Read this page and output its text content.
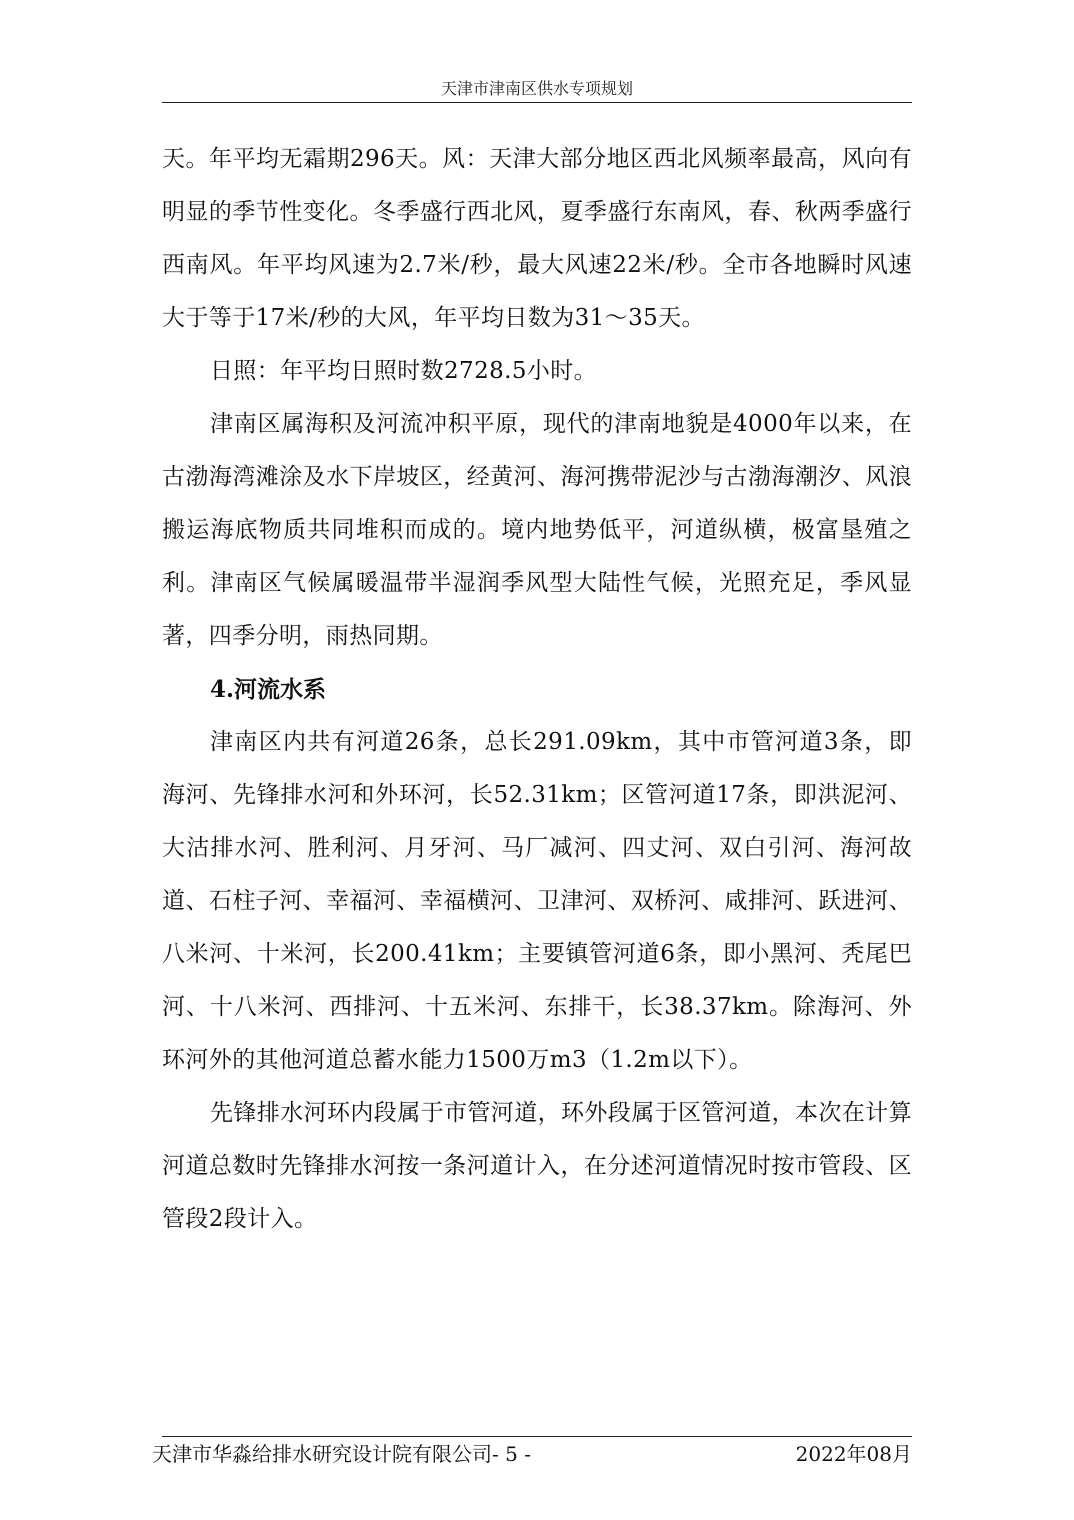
天津市津南区供水专项规划

天。年平均无霜期296天。风：天津大部分地区西北风频率最高，风向有明显的季节性变化。冬季盛行西北风，夏季盛行东南风，春、秋两季盛行西南风。年平均风速为2.7米/秒，最大风速22米/秒。全市各地瞬时风速大于等于17米/秒的大风，年平均日数为31～35天。

日照：年平均日照时数2728.5小时。

津南区属海积及河流冲积平原，现代的津南地貌是4000年以来，在古渤海湾滩涂及水下岸坡区，经黄河、海河携带泥沙与古渤海潮汐、风浪搬运海底物质共同堆积而成的。境内地势低平，河道纵横，极富垦殖之利。津南区气候属暖温带半湿润季风型大陆性气候，光照充足，季风显著，四季分明，雨热同期。

4.河流水系

津南区内共有河道26条，总长291.09km，其中市管河道3条，即海河、先锋排水河和外环河，长52.31km；区管河道17条，即洪泥河、大沽排水河、胜利河、月牙河、马厂减河、四丈河、双白引河、海河故道、石柱子河、幸福河、幸福横河、卫津河、双桥河、咸排河、跃进河、八米河、十米河，长200.41km；主要镇管河道6条，即小黑河、秃尾巴河、十八米河、西排河、十五米河、东排干，长38.37km。除海河、外环河外的其他河道总蓄水能力1500万m3（1.2m以下）。

先锋排水河环内段属于市管河道，环外段属于区管河道，本次在计算河道总数时先锋排水河按一条河道计入，在分述河道情况时按市管段、区管段2段计入。

天津市华淼给排水研究设计院有限公司- 5 -	2022年08月
